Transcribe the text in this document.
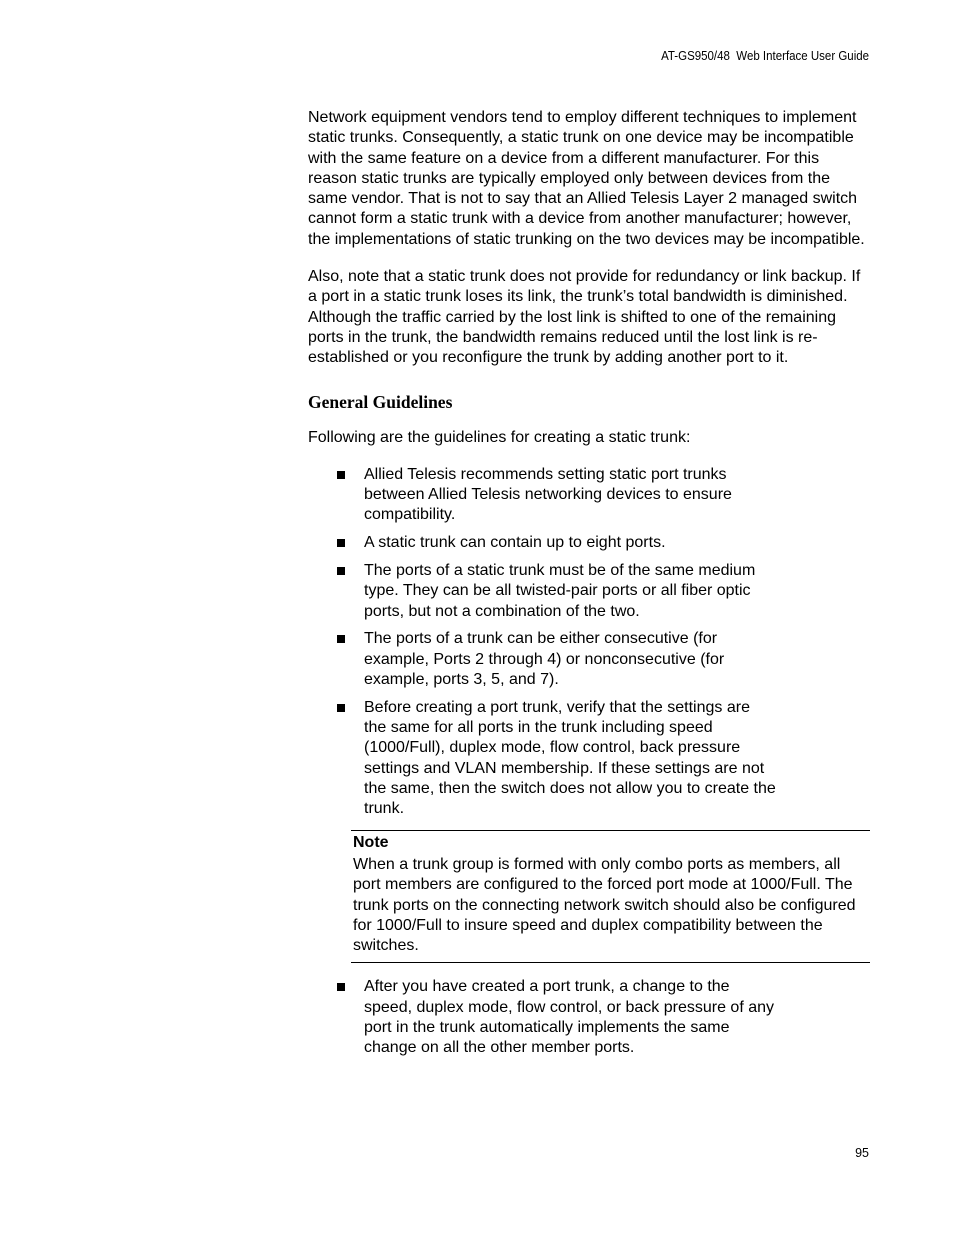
AT-GS950/48  Web Interface User Guide

Network equipment vendors tend to employ different techniques to implement static trunks. Consequently, a static trunk on one device may be incompatible with the same feature on a device from a different manufacturer. For this reason static trunks are typically employed only between devices from the same vendor. That is not to say that an Allied Telesis Layer 2 managed switch cannot form a static trunk with a device from another manufacturer; however, the implementations of static trunking on the two devices may be incompatible.

Also, note that a static trunk does not provide for redundancy or link backup. If a port in a static trunk loses its link, the trunk’s total bandwidth is diminished. Although the traffic carried by the lost link is shifted to one of the remaining ports in the trunk, the bandwidth remains reduced until the lost link is re-established or you reconfigure the trunk by adding another port to it.

General Guidelines

Following are the guidelines for creating a static trunk:

Allied Telesis recommends setting static port trunks between Allied Telesis networking devices to ensure compatibility.
A static trunk can contain up to eight ports.
The ports of a static trunk must be of the same medium type. They can be all twisted-pair ports or all fiber optic ports, but not a combination of the two.
The ports of a trunk can be either consecutive (for example, Ports 2 through 4) or nonconsecutive (for example, ports 3, 5, and 7).
Before creating a port trunk, verify that the settings are the same for all ports in the trunk including speed (1000/Full), duplex mode, flow control, back pressure settings and VLAN membership. If these settings are not the same, then the switch does not allow you to create the trunk.
Note

When a trunk group is formed with only combo ports as members, all port members are configured to the forced port mode at 1000/Full. The trunk ports on the connecting network switch should also be configured for 1000/Full to insure speed and duplex compatibility between the switches.

After you have created a port trunk, a change to the speed, duplex mode, flow control, or back pressure of any port in the trunk automatically implements the same change on all the other member ports.
95
